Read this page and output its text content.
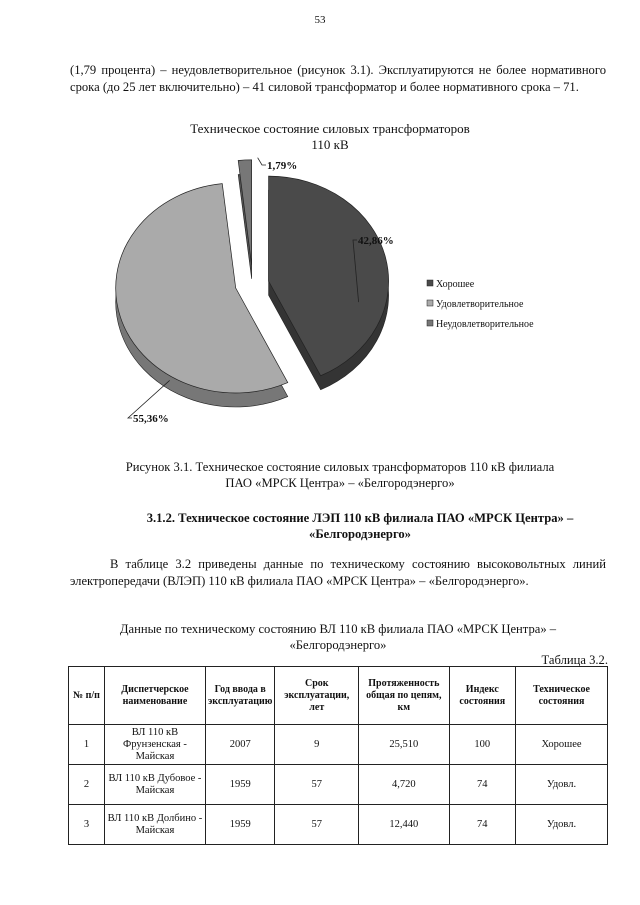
53
(1,79 процента) – неудовлетворительное (рисунок 3.1). Эксплуатируются не более нормативного срока (до 25 лет включительно) – 41 силовой трансформатор и более нормативного срока – 71.
Техническое состояние силовых трансформаторов
110 кВ
42,86%
55,36%
1,79%
Хорошее
Удовлетворительное
Неудовлетворительное
Рисунок 3.1. Техническое состояние силовых трансформаторов 110 кВ филиала
ПАО «МРСК Центра» – «Белгородэнерго»
3.1.2. Техническое состояние ЛЭП 110 кВ филиала ПАО «МРСК Центра» –
«Белгородэнерго»
В таблице 3.2 приведены данные по техническому состоянию высоковольтных линий электропередачи (ВЛЭП) 110 кВ филиала ПАО «МРСК Центра» – «Белгородэнерго».
Данные по техническому состоянию ВЛ 110 кВ филиала ПАО «МРСК Центра» –
«Белгородэнерго»
Таблица 3.2.
№ п/п	Диспетчерское наименование	Год ввода в эксплуатацию	Срок эксплуатации, лет	Протяженность общая по цепям, км	Индекс состояния	Техническое состояния
1	ВЛ 110 кВ Фрунзенская - Майская	2007	9	25,510	100	Хорошее
2	ВЛ 110 кВ Дубовое - Майская	1959	57	4,720	74	Удовл.
3	ВЛ 110 кВ Долбино - Майская	1959	57	12,440	74	Удовл.
